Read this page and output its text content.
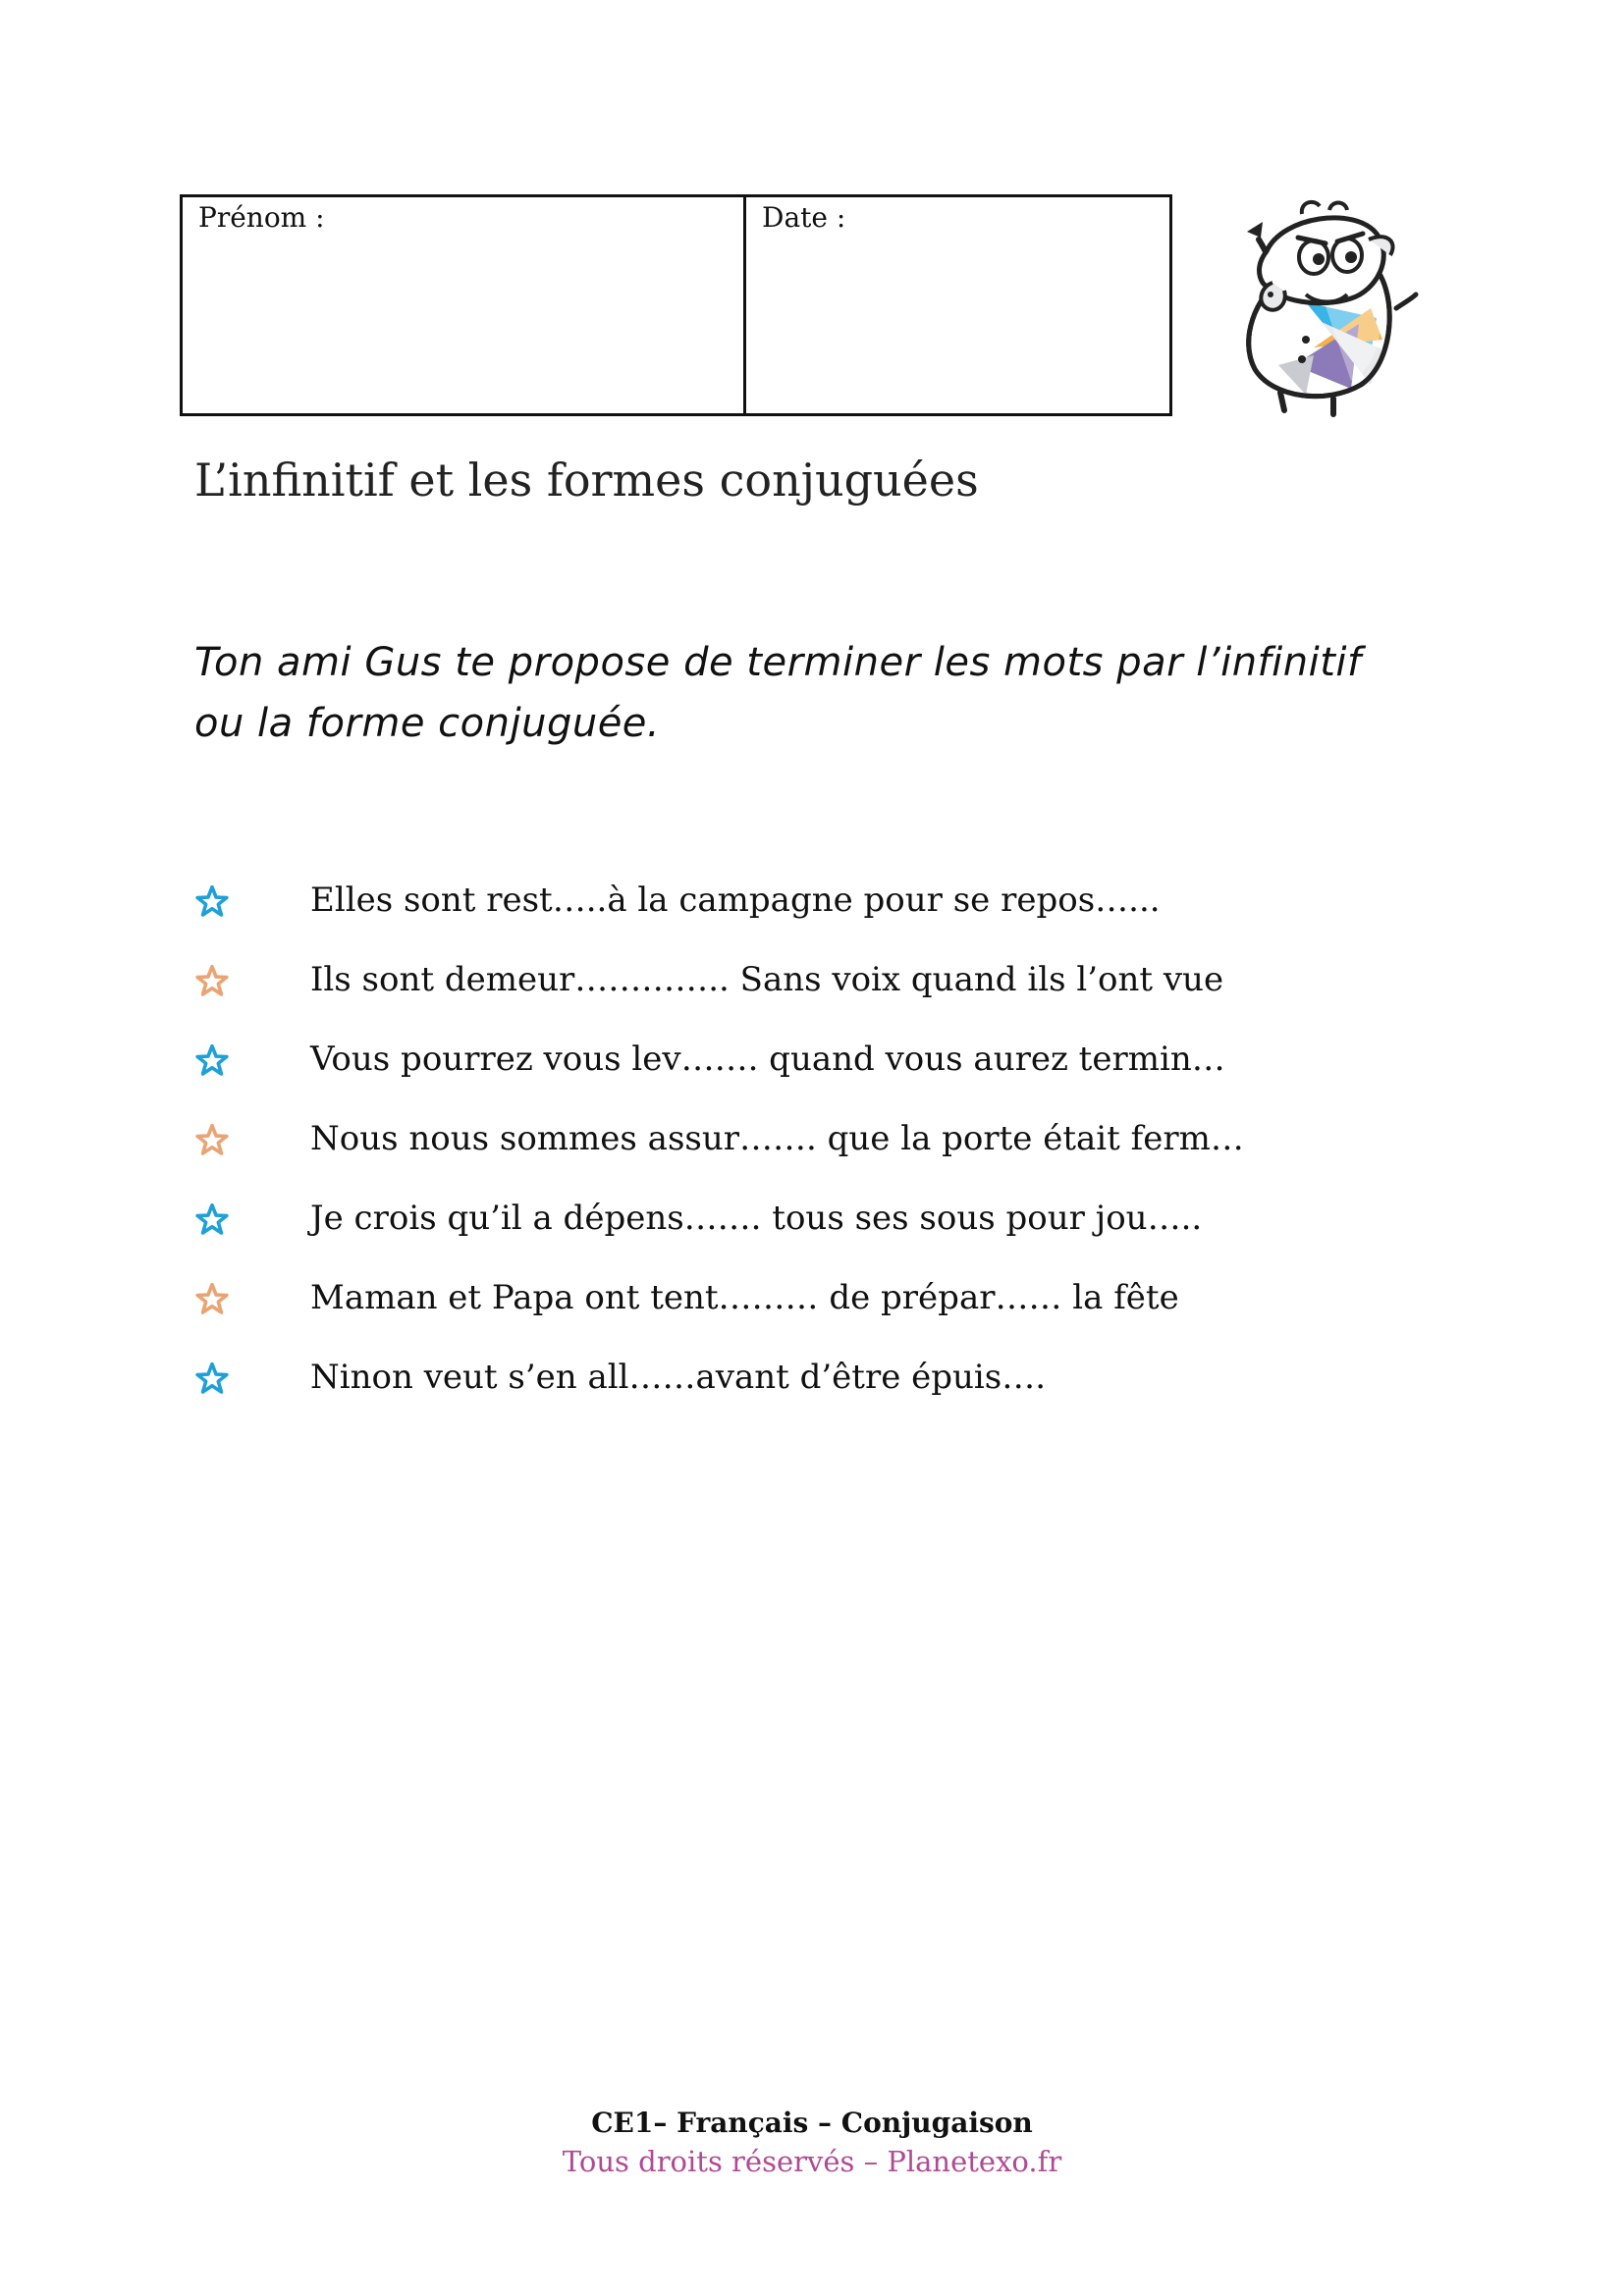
Prénom :	Date :
L’infinitif et les formes conjuguées
Ton ami Gus te propose de terminer les mots par l’infinitif
ou la forme conjuguée.
Elles sont rest…..à la campagne pour se repos…...
Ils sont demeur………….. Sans voix quand ils l’ont vue
Vous pourrez vous lev……. quand vous aurez termin…
Nous nous sommes assur……. que la porte était ferm…
Je crois qu’il a dépens……. tous ses sous pour jou…..
Maman et Papa ont tent……… de prépar…… la fête
Ninon veut s’en all……avant d’être épuis….
CE1– Français – Conjugaison
Tous droits réservés – Planetexo.fr
